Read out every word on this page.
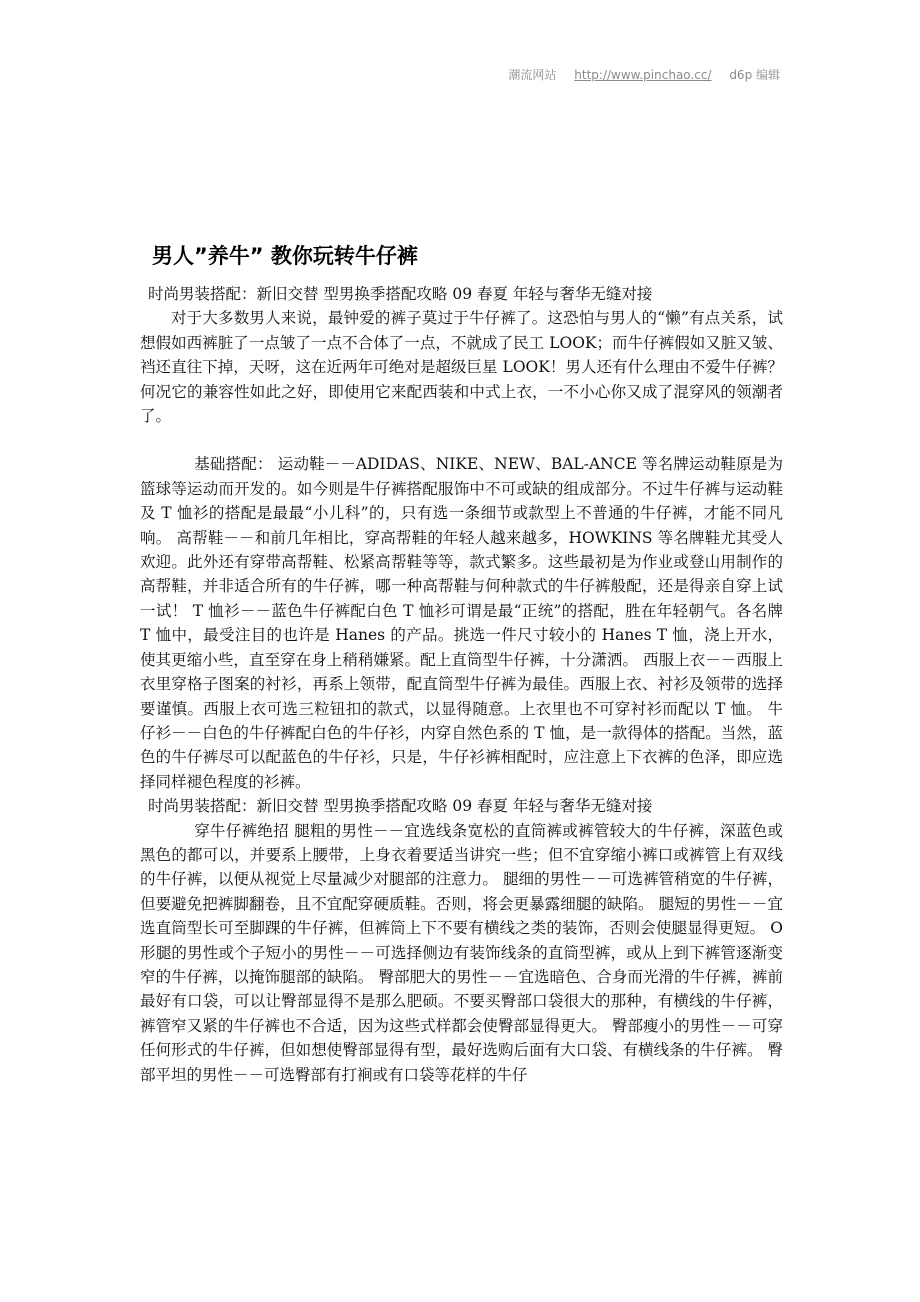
潮流网站 http://www.pinchao.cc/ d6p 编辑
男人”养牛” 教你玩转牛仔裤

时尚男装搭配：新旧交替 型男换季搭配攻略 09 春夏 年轻与奢华无缝对接

对于大多数男人来说，最钟爱的裤子莫过于牛仔裤了。这恐怕与男人的“懒”有点关系，试想假如西裤脏了一点皱了一点不合体了一点，不就成了民工 LOOK；而牛仔裤假如又脏又皱、裆还直往下掉，天呀，这在近两年可绝对是超级巨星 LOOK！男人还有什么理由不爱牛仔裤？何况它的兼容性如此之好，即使用它来配西装和中式上衣，一不小心你又成了混穿风的领潮者了。

基础搭配： 运动鞋－－ADIDAS、NIKE、NEW、BAL-ANCE 等名牌运动鞋原是为篮球等运动而开发的。如今则是牛仔裤搭配服饰中不可或缺的组成部分。不过牛仔裤与运动鞋及 T 恤衫的搭配是最最“小儿科”的，只有选一条细节或款型上不普通的牛仔裤，才能不同凡响。 高帮鞋－－和前几年相比，穿高帮鞋的年轻人越来越多，HOWKINS 等名牌鞋尤其受人欢迎。此外还有穿带高帮鞋、松紧高帮鞋等等，款式繁多。这些最初是为作业或登山用制作的高帮鞋，并非适合所有的牛仔裤，哪一种高帮鞋与何种款式的牛仔裤般配，还是得亲自穿上试一试！ T 恤衫－－蓝色牛仔裤配白色 T 恤衫可谓是最“正统”的搭配，胜在年轻朝气。各名牌 T 恤中，最受注目的也许是 Hanes 的产品。挑选一件尺寸较小的 Hanes T 恤，浇上开水，使其更缩小些，直至穿在身上稍稍嫌紧。配上直筒型牛仔裤，十分潇洒。 西服上衣－－西服上衣里穿格子图案的衬衫，再系上领带，配直筒型牛仔裤为最佳。西服上衣、衬衫及领带的选择要谨慎。西服上衣可选三粒钮扣的款式，以显得随意。上衣里也不可穿衬衫而配以 T 恤。 牛仔衫－－白色的牛仔裤配白色的牛仔衫，内穿自然色系的 T 恤，是一款得体的搭配。当然，蓝色的牛仔裤尽可以配蓝色的牛仔衫，只是，牛仔衫裤相配时，应注意上下衣裤的色泽，即应选择同样褪色程度的衫裤。

时尚男装搭配：新旧交替 型男换季搭配攻略 09 春夏 年轻与奢华无缝对接

穿牛仔裤绝招 腿粗的男性－－宜选线条宽松的直筒裤或裤管较大的牛仔裤，深蓝色或黑色的都可以，并要系上腰带，上身衣着要适当讲究一些；但不宜穿缩小裤口或裤管上有双线的牛仔裤，以便从视觉上尽量减少对腿部的注意力。 腿细的男性－－可选裤管稍宽的牛仔裤，但要避免把裤脚翻卷，且不宜配穿硬质鞋。否则，将会更暴露细腿的缺陷。 腿短的男性－－宜选直筒型长可至脚踝的牛仔裤，但裤筒上下不要有横线之类的装饰，否则会使腿显得更短。 O 形腿的男性或个子短小的男性－－可选择侧边有装饰线条的直筒型裤，或从上到下裤管逐渐变窄的牛仔裤，以掩饰腿部的缺陷。 臀部肥大的男性－－宜选暗色、合身而光滑的牛仔裤，裤前最好有口袋，可以让臀部显得不是那么肥硕。不要买臀部口袋很大的那种，有横线的牛仔裤，裤管窄又紧的牛仔裤也不合适，因为这些式样都会使臀部显得更大。 臀部瘦小的男性－－可穿任何形式的牛仔裤，但如想使臀部显得有型，最好选购后面有大口袋、有横线条的牛仔裤。 臀部平坦的男性－－可选臀部有打裥或有口袋等花样的牛仔
